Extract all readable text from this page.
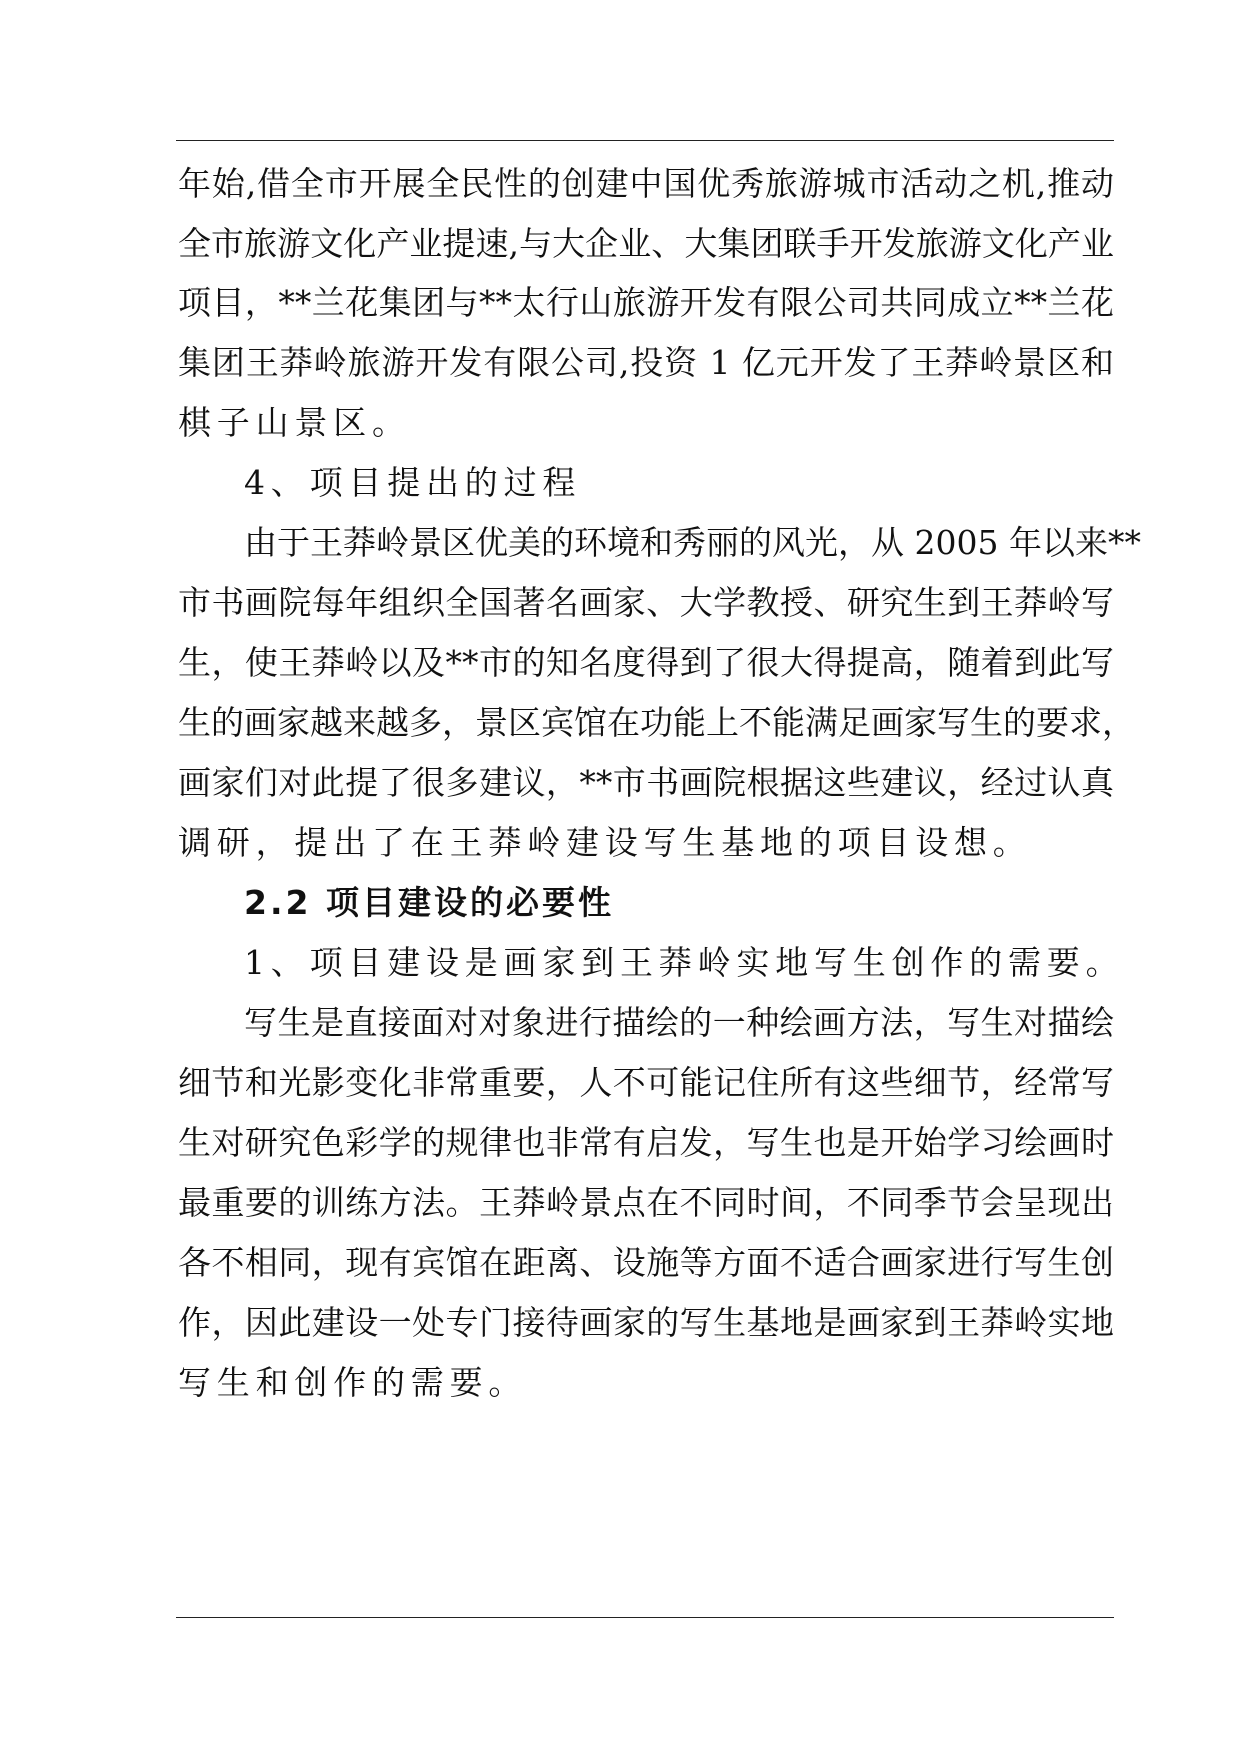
年始,借全市开展全民性的创建中国优秀旅游城市活动之机,推动
全市旅游文化产业提速,与大企业、大集团联手开发旅游文化产业
项目，**兰花集团与**太行山旅游开发有限公司共同成立**兰花
集团王莽岭旅游开发有限公司,投资 1 亿元开发了王莽岭景区和
棋子山景区。
4、项目提出的过程
由于王莽岭景区优美的环境和秀丽的风光，从 2005 年以来**
市书画院每年组织全国著名画家、大学教授、研究生到王莽岭写
生，使王莽岭以及**市的知名度得到了很大得提高，随着到此写
生的画家越来越多，景区宾馆在功能上不能满足画家写生的要求，
画家们对此提了很多建议，**市书画院根据这些建议，经过认真
调研，提出了在王莽岭建设写生基地的项目设想。
2.2 项目建设的必要性
1、项目建设是画家到王莽岭实地写生创作的需要。
写生是直接面对对象进行描绘的一种绘画方法，写生对描绘
细节和光影变化非常重要，人不可能记住所有这些细节，经常写
生对研究色彩学的规律也非常有启发，写生也是开始学习绘画时
最重要的训练方法。王莽岭景点在不同时间，不同季节会呈现出
各不相同，现有宾馆在距离、设施等方面不适合画家进行写生创
作，因此建设一处专门接待画家的写生基地是画家到王莽岭实地
写生和创作的需要。
